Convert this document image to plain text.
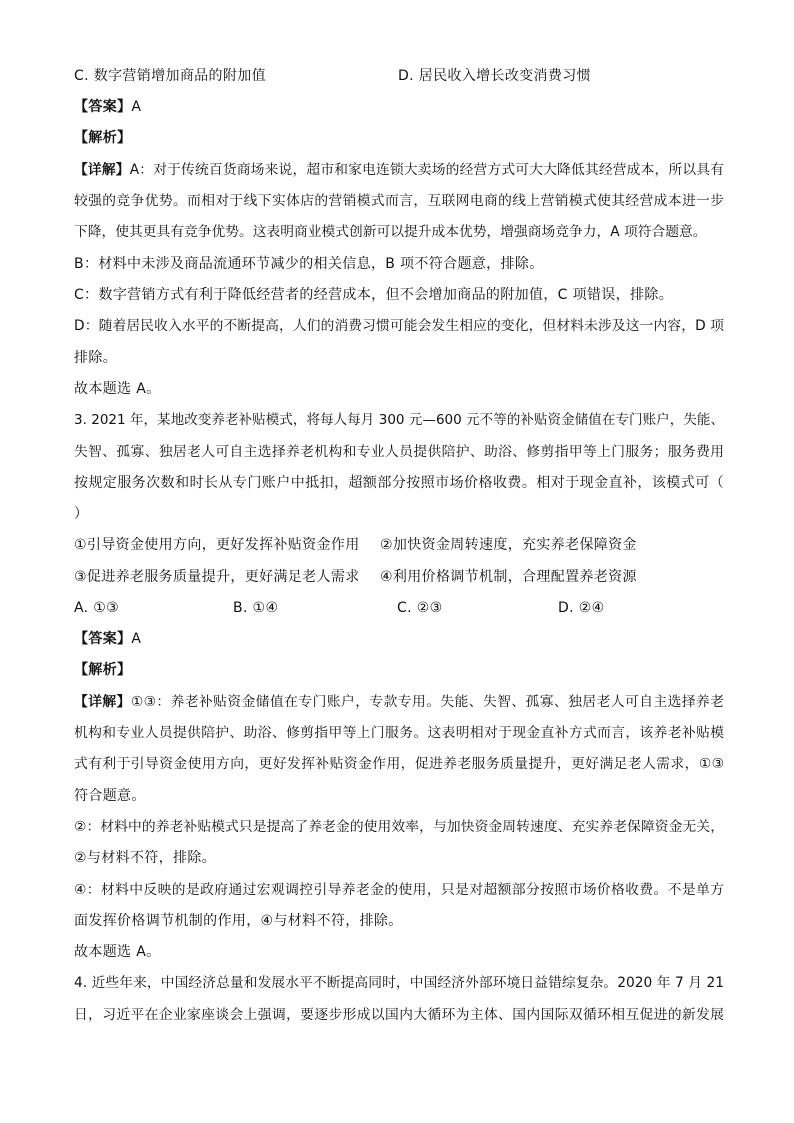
C. 数字营销增加商品的附加值	D. 居民收入增长改变消费习惯
【答案】A
【解析】
【详解】A：对于传统百货商场来说，超市和家电连锁大卖场的经营方式可大大降低其经营成本，所以具有
较强的竞争优势。而相对于线下实体店的营销模式而言，互联网电商的线上营销模式使其经营成本进一步
下降，使其更具有竞争优势。这表明商业模式创新可以提升成本优势，增强商场竞争力，A 项符合题意。
B：材料中未涉及商品流通环节减少的相关信息，B 项不符合题意，排除。
C：数字营销方式有利于降低经营者的经营成本，但不会增加商品的附加值，C 项错误，排除。
D：随着居民收入水平的不断提高，人们的消费习惯可能会发生相应的变化，但材料未涉及这一内容，D 项
排除。
故本题选 A。
3. 2021 年，某地改变养老补贴模式，将每人每月 300 元—600 元不等的补贴资金储值在专门账户，失能、
失智、孤寡、独居老人可自主选择养老机构和专业人员提供陪护、助浴、修剪指甲等上门服务；服务费用
按规定服务次数和时长从专门账户中抵扣，超额部分按照市场价格收费。相对于现金直补，该模式可（
）
①引导资金使用方向，更好发挥补贴资金作用 ②加快资金周转速度，充实养老保障资金
③促进养老服务质量提升，更好满足老人需求 ④利用价格调节机制，合理配置养老资源
A. ①③	B. ①④	C. ②③	D. ②④
【答案】A
【解析】
【详解】①③：养老补贴资金储值在专门账户，专款专用。失能、失智、孤寡、独居老人可自主选择养老
机构和专业人员提供陪护、助浴、修剪指甲等上门服务。这表明相对于现金直补方式而言，该养老补贴模
式有利于引导资金使用方向，更好发挥补贴资金作用，促进养老服务质量提升，更好满足老人需求，①③
符合题意。
②：材料中的养老补贴模式只是提高了养老金的使用效率，与加快资金周转速度、充实养老保障资金无关，
②与材料不符，排除。
④：材料中反映的是政府通过宏观调控引导养老金的使用，只是对超额部分按照市场价格收费。不是单方
面发挥价格调节机制的作用，④与材料不符，排除。
故本题选 A。
4. 近些年来，中国经济总量和发展水平不断提高同时，中国经济外部环境日益错综复杂。2020 年 7 月 21
日，习近平在企业家座谈会上强调，要逐步形成以国内大循环为主体、国内国际双循环相互促进的新发展
